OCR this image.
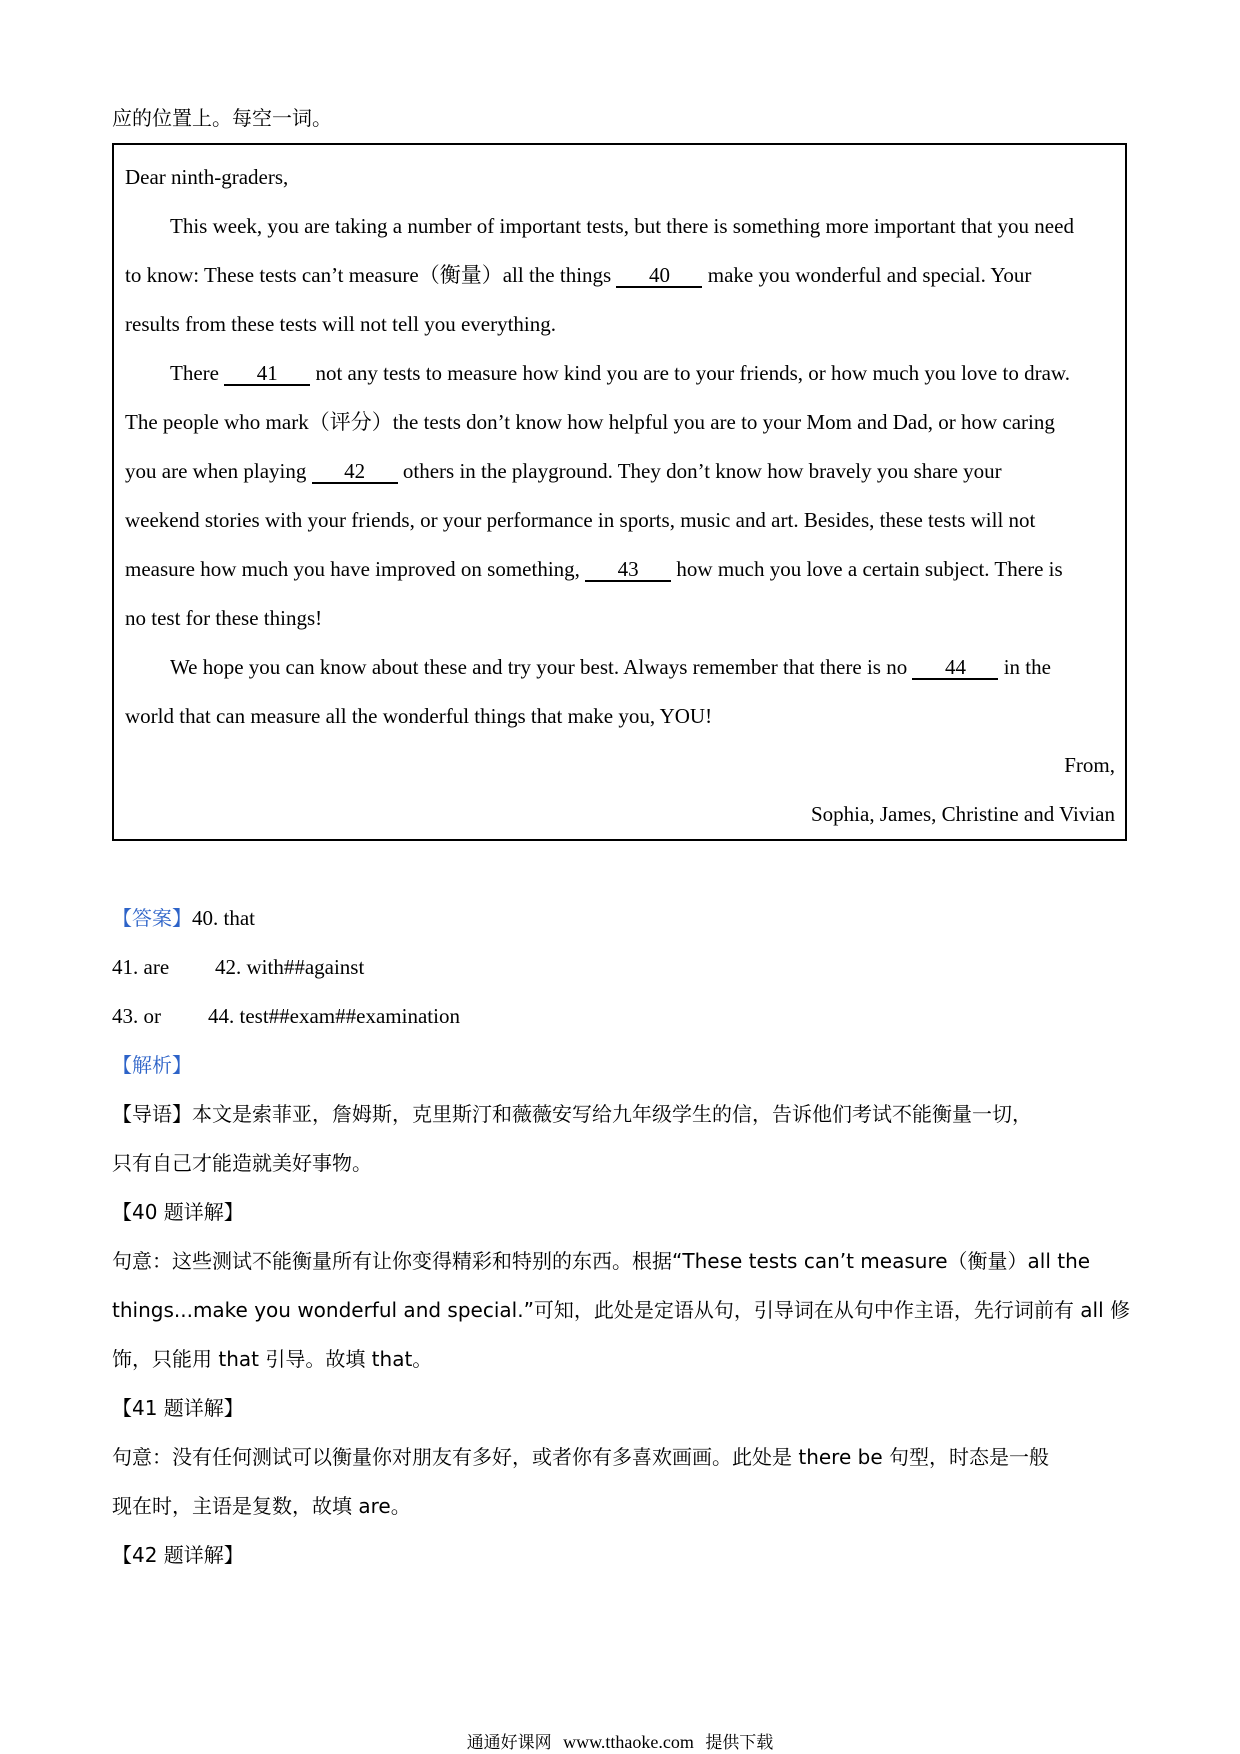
应的位置上。每空一词。
Dear ninth-graders,
This week, you are taking a number of important tests, but there is something more important that you need
to know: These tests can’t measure（衡量）all the things 40 make you wonderful and special. Your
results from these tests will not tell you everything.
There 41 not any tests to measure how kind you are to your friends, or how much you love to draw.
The people who mark（评分）the tests don’t know how helpful you are to your Mom and Dad, or how caring
you are when playing 42 others in the playground. They don’t know how bravely you share your
weekend stories with your friends, or your performance in sports, music and art. Besides, these tests will not
measure how much you have improved on something, 43 how much you love a certain subject. There is
no test for these things!
We hope you can know about these and try your best. Always remember that there is no 44 in the
world that can measure all the wonderful things that make you, YOU!
From,
Sophia, James, Christine and Vivian
【答案】40. that
41. are 42. with##against
43. or 44. test##exam##examination
【解析】
【导语】本文是索菲亚，詹姆斯，克里斯汀和薇薇安写给九年级学生的信，告诉他们考试不能衡量一切，
只有自己才能造就美好事物。
【40 题详解】
句意：这些测试不能衡量所有让你变得精彩和特别的东西。根据“These tests can’t measure（衡量）all the
things...make you wonderful and special.”可知，此处是定语从句，引导词在从句中作主语，先行词前有 all 修
饰，只能用 that 引导。故填 that。
【41 题详解】
句意：没有任何测试可以衡量你对朋友有多好，或者你有多喜欢画画。此处是 there be 句型，时态是一般
现在时，主语是复数，故填 are。
【42 题详解】
通通好课网 www.tthaoke.com 提供下载
